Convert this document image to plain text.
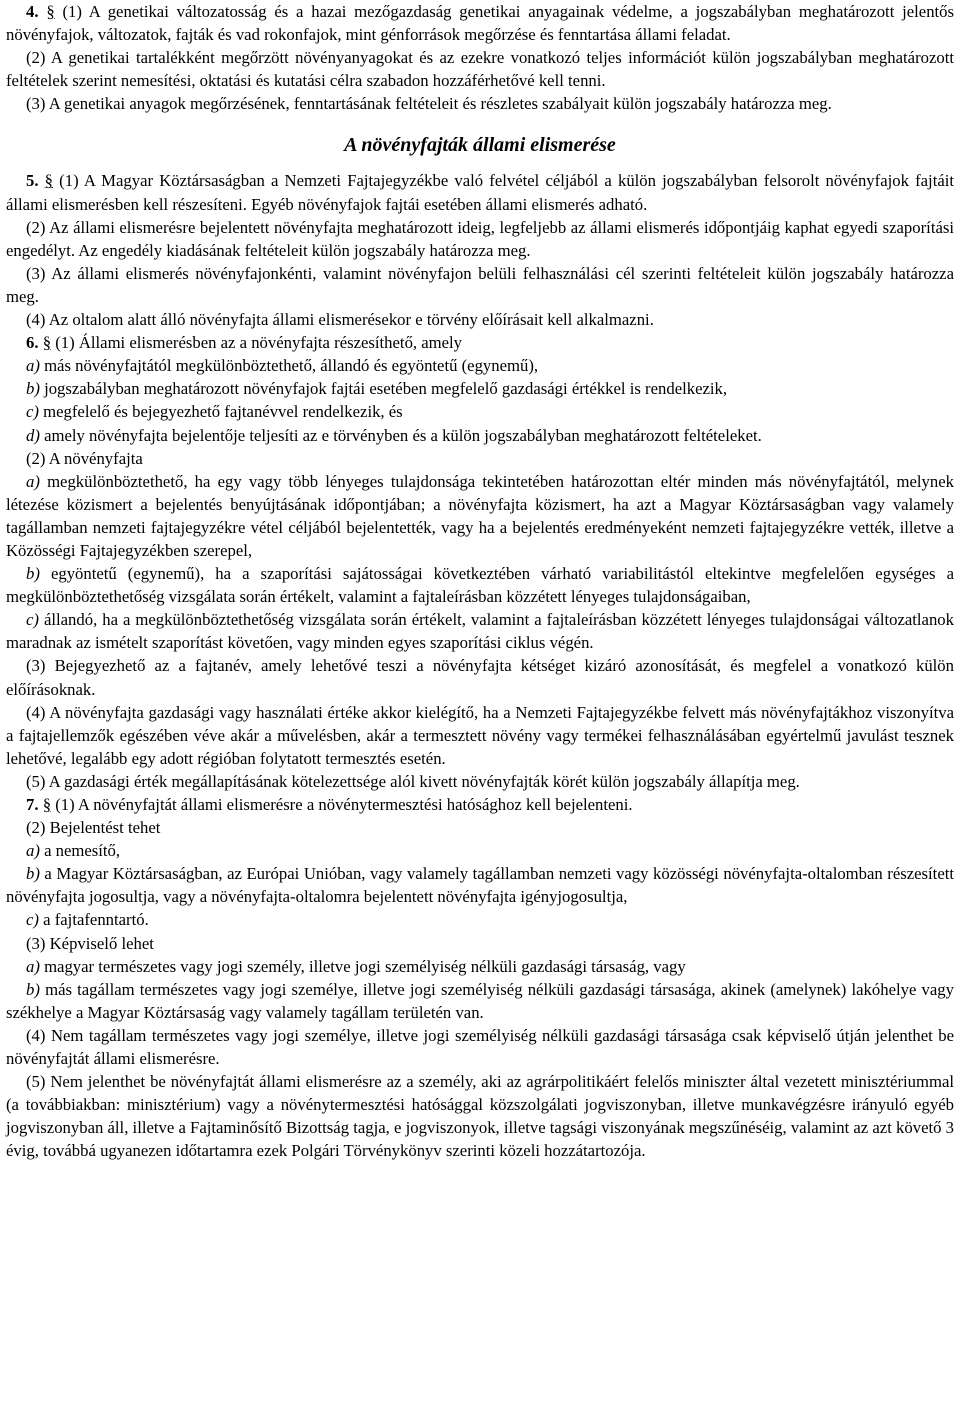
4. § (1) A genetikai változatosság és a hazai mezőgazdaság genetikai anyagainak védelme, a jogszabályban meghatározott jelentős növényfajok, változatok, fajták és vad rokonfajok, mint génforrások megőrzése és fenntartása állami feladat.

(2) A genetikai tartalékként megőrzött növényanyagokat és az ezekre vonatkozó teljes információt külön jogszabályban meghatározott feltételek szerint nemesítési, oktatási és kutatási célra szabadon hozzáférhetővé kell tenni.

(3) A genetikai anyagok megőrzésének, fenntartásának feltételeit és részletes szabályait külön jogszabály határozza meg.

A növényfajták állami elismerése

5. § (1) A Magyar Köztársaságban a Nemzeti Fajtajegyzékbe való felvétel céljából a külön jogszabályban felsorolt növényfajok fajtáit állami elismerésben kell részesíteni. Egyéb növényfajok fajtái esetében állami elismerés adható.

(2) Az állami elismerésre bejelentett növényfajta meghatározott ideig, legfeljebb az állami elismerés időpontjáig kaphat egyedi szaporítási engedélyt. Az engedély kiadásának feltételeit külön jogszabály határozza meg.

(3) Az állami elismerés növényfajonkénti, valamint növényfajon belüli felhasználási cél szerinti feltételeit külön jogszabály határozza meg.

(4) Az oltalom alatt álló növényfajta állami elismerésekor e törvény előírásait kell alkalmazni.

6. § (1) Állami elismerésben az a növényfajta részesíthető, amely

a) más növényfajtától megkülönböztethető, állandó és egyöntetű (egynemű),

b) jogszabályban meghatározott növényfajok fajtái esetében megfelelő gazdasági értékkel is rendelkezik,

c) megfelelő és bejegyezhető fajtanévvel rendelkezik, és

d) amely növényfajta bejelentője teljesíti az e törvényben és a külön jogszabályban meghatározott feltételeket.

(2) A növényfajta

a) megkülönböztethető, ha egy vagy több lényeges tulajdonsága tekintetében határozottan eltér minden más növényfajtától, melynek létezése közismert a bejelentés benyújtásának időpontjában; a növényfajta közismert, ha azt a Magyar Köztársaságban vagy valamely tagállamban nemzeti fajtajegyzékre vétel céljából bejelentették, vagy ha a bejelentés eredményeként nemzeti fajtajegyzékre vették, illetve a Közösségi Fajtajegyzékben szerepel,

b) egyöntetű (egynemű), ha a szaporítási sajátosságai következtében várható variabilitástól eltekintve megfelelően egységes a megkülönböztethetőség vizsgálata során értékelt, valamint a fajtaleírásban közzétett lényeges tulajdonságaiban,

c) állandó, ha a megkülönböztethetőség vizsgálata során értékelt, valamint a fajtaleírásban közzétett lényeges tulajdonságai változatlanok maradnak az ismételt szaporítást követően, vagy minden egyes szaporítási ciklus végén.

(3) Bejegyezhető az a fajtanév, amely lehetővé teszi a növényfajta kétséget kizáró azonosítását, és megfelel a vonatkozó külön előírásoknak.

(4) A növényfajta gazdasági vagy használati értéke akkor kielégítő, ha a Nemzeti Fajtajegyzékbe felvett más növényfajtákhoz viszonyítva a fajtajellemzők egészében véve akár a művelésben, akár a termesztett növény vagy termékei felhasználásában egyértelmű javulást tesznek lehetővé, legalább egy adott régióban folytatott termesztés esetén.

(5) A gazdasági érték megállapításának kötelezettsége alól kivett növényfajták körét külön jogszabály állapítja meg.

7. § (1) A növényfajtát állami elismerésre a növénytermesztési hatósághoz kell bejelenteni.

(2) Bejelentést tehet

a) a nemesítő,

b) a Magyar Köztársaságban, az Európai Unióban, vagy valamely tagállamban nemzeti vagy közösségi növényfajta-oltalomban részesített növényfajta jogosultja, vagy a növényfajta-oltalomra bejelentett növényfajta igényjogosultja,

c) a fajtafenntartó.

(3) Képviselő lehet

a) magyar természetes vagy jogi személy, illetve jogi személyiség nélküli gazdasági társaság, vagy

b) más tagállam természetes vagy jogi személye, illetve jogi személyiség nélküli gazdasági társasága, akinek (amelynek) lakóhelye vagy székhelye a Magyar Köztársaság vagy valamely tagállam területén van.

(4) Nem tagállam természetes vagy jogi személye, illetve jogi személyiség nélküli gazdasági társasága csak képviselő útján jelenthet be növényfajtát állami elismerésre.

(5) Nem jelenthet be növényfajtát állami elismerésre az a személy, aki az agrárpolitikáért felelős miniszter által vezetett minisztériummal (a továbbiakban: minisztérium) vagy a növénytermesztési hatósággal közszolgálati jogviszonyban, illetve munkavégzésre irányuló egyéb jogviszonyban áll, illetve a Fajtaminősítő Bizottság tagja, e jogviszonyok, illetve tagsági viszonyának megszűnéséig, valamint az azt követő 3 évig, továbbá ugyanezen időtartamra ezek Polgári Törvénykönyv szerinti közeli hozzátartozója.
